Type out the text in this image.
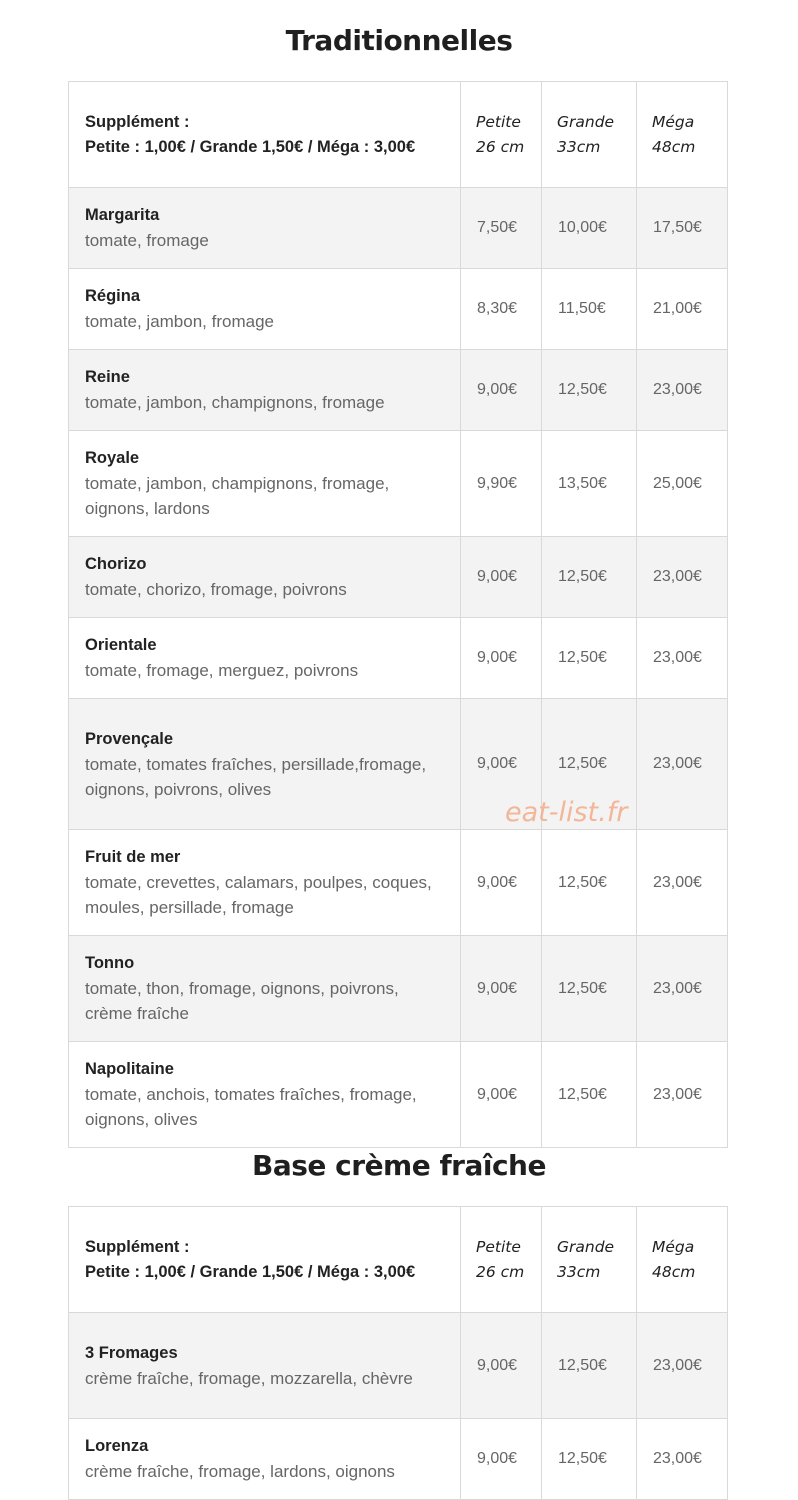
Traditionnelles
Supplément :
Petite : 1,00€ / Grande 1,50€ / Méga : 3,00€	Petite 26 cm	Grande 33cm	Méga 48cm

Margarita
tomate, fromage	7,50€	10,00€	17,50€

Régina
tomate, jambon, fromage	8,30€	11,50€	21,00€

Reine
tomate, jambon, champignons, fromage	9,00€	12,50€	23,00€

Royale
tomate, jambon, champignons, fromage, oignons, lardons	9,90€	13,50€	25,00€

Chorizo
tomate, chorizo, fromage, poivrons	9,00€	12,50€	23,00€

Orientale
tomate, fromage, merguez, poivrons	9,00€	12,50€	23,00€

Provençale
tomate, tomates fraîches, persillade,fromage, oignons, poivrons, olives	9,00€	12,50€	23,00€

Fruit de mer
tomate, crevettes, calamars, poulpes, coques, moules, persillade, fromage	9,00€	12,50€	23,00€

Tonno
tomate, thon, fromage, oignons, poivrons, crème fraîche	9,00€	12,50€	23,00€

Napolitaine
tomate, anchois, tomates fraîches, fromage, oignons, olives	9,00€	12,50€	23,00€
Base crème fraîche
Supplément :
Petite : 1,00€ / Grande 1,50€ / Méga : 3,00€	Petite 26 cm	Grande 33cm	Méga 48cm

3 Fromages
crème fraîche, fromage, mozzarella, chèvre	9,00€	12,50€	23,00€

Lorenza
crème fraîche, fromage, lardons, oignons	9,00€	12,50€	23,00€
eat-list.fr
